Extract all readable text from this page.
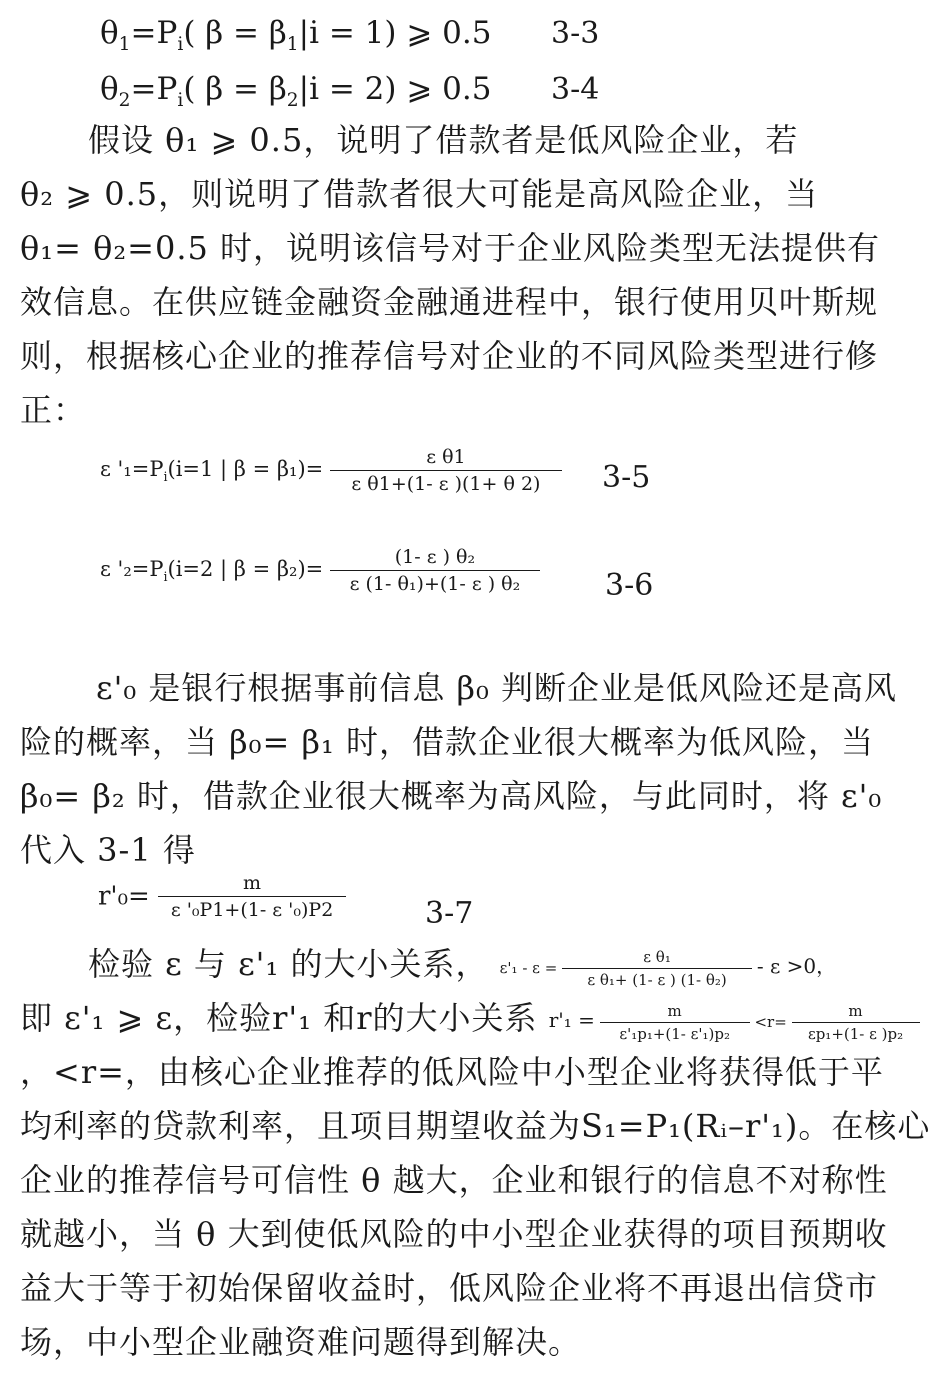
$\theta_1=P_i$( $\beta = \beta_1|i = 1$) ⩾ 0.5 3-3
$\theta_2=P_i$( $\beta = \beta_2|i = 2$) ⩾ 0.5 3-4
假设 θ₁ ⩾ 0.5，说明了借款者是低风险企业，若
θ₂ ⩾ 0.5，则说明了借款者很大可能是高风险企业，当
θ₁= θ₂=0.5 时，说明该信号对于企业风险类型无法提供有
效信息。在供应链金融资金融通进程中，银行使用贝叶斯规
则，根据核心企业的推荐信号对企业的不同风险类型进行修
正：
ε '$_1=P_i(i=1$ | $\beta = \beta_1)= \frac{\text{ε θ1}}{\text{ε θ1+(1- ε )(1+ θ 2)}} 3-5$
ε '$_2=P_i(i=2$ | $\beta = \beta_2)= \frac{\text{(1- ε ) θ₂}}{\text{ε (1- θ₁)+(1- ε ) θ₂}} 3-6$
ε'₀ 是银行根据事前信息 β₀ 判断企业是低风险还是高风
险的概率，当 β₀= β₁ 时，借款企业很大概率为低风险，当
β₀= β₂ 时，借款企业很大概率为高风险，与此同时，将 ε'₀
代入 3-1 得
$r'_0= \frac{m}{\text{ε '₀P1+(1- ε '₀)P2}}$	3-7
检验 ε 与 ε'₁ 的大小关系， $\varepsilon'_1 - \varepsilon = \frac{\text{ε θ₁}}{\text{ε θ₁+ (1- ε ) (1- θ₂)}} - \varepsilon >0$，
即 ε'₁ ⩾ ε，检验r'₁ 和r的大小关系 $r'_1 = \frac{m}{\text{ε'₁p₁+(1- ε'₁)p₂}} <r= \frac{m}{\text{εp₁+(1- ε )p₂}}$
，<r=，由核心企业推荐的低风险中小型企业将获得低于平
均利率的贷款利率，且项目期望收益为S₁=P₁(Rᵢ–r'₁)。在核心
企业的推荐信号可信性 θ 越大，企业和银行的信息不对称性
就越小，当 θ 大到使低风险的中小型企业获得的项目预期收
益大于等于初始保留收益时，低风险企业将不再退出信贷市
场，中小型企业融资难问题得到解决。
